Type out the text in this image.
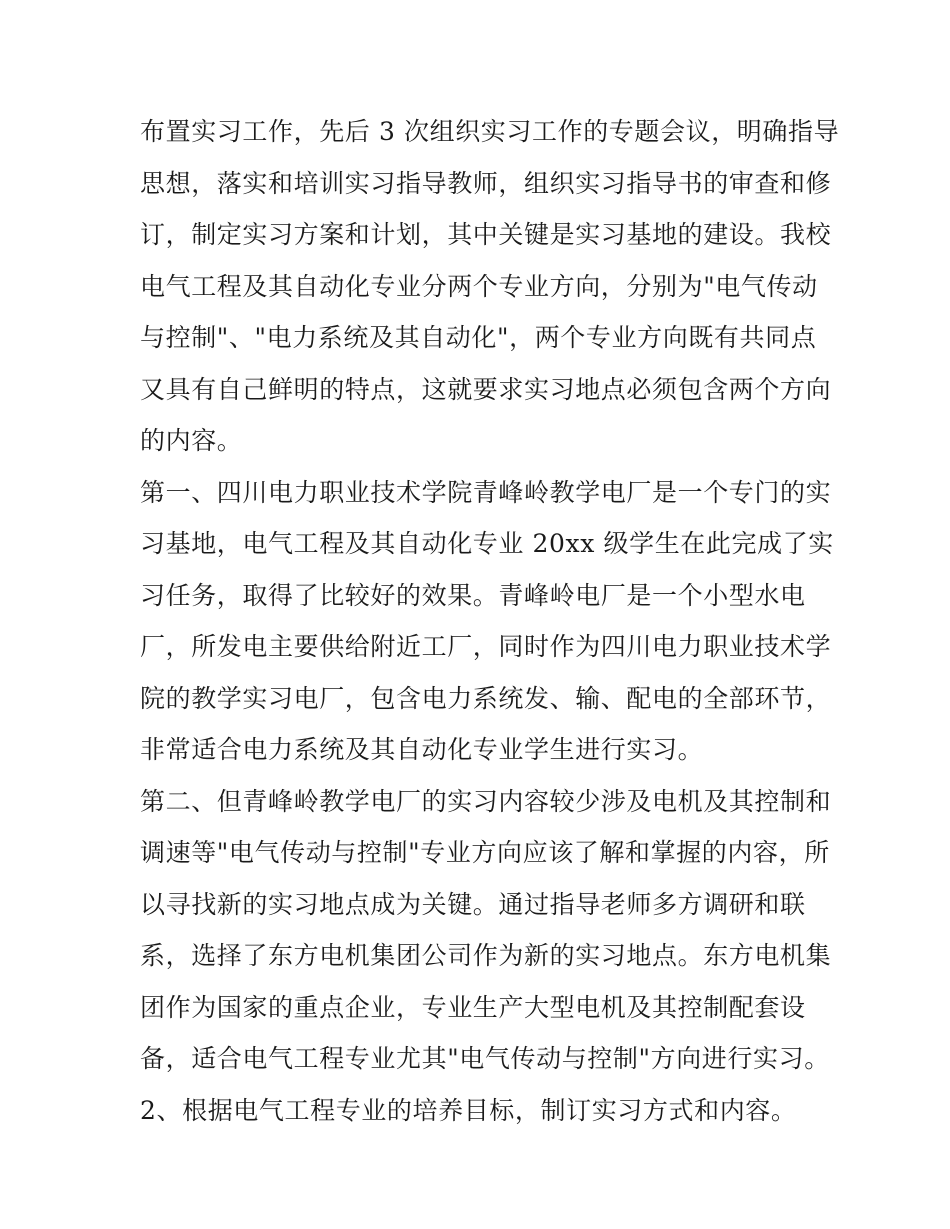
布置实习工作，先后 3 次组织实习工作的专题会议，明确指导
思想，落实和培训实习指导教师，组织实习指导书的审查和修
订，制定实习方案和计划，其中关键是实习基地的建设。我校
电气工程及其自动化专业分两个专业方向，分别为"电气传动
与控制"、"电力系统及其自动化"，两个专业方向既有共同点
又具有自己鲜明的特点，这就要求实习地点必须包含两个方向
的内容。
第一、四川电力职业技术学院青峰岭教学电厂是一个专门的实
习基地，电气工程及其自动化专业 20xx 级学生在此完成了实
习任务，取得了比较好的效果。青峰岭电厂是一个小型水电
厂，所发电主要供给附近工厂，同时作为四川电力职业技术学
院的教学实习电厂，包含电力系统发、输、配电的全部环节，
非常适合电力系统及其自动化专业学生进行实习。
第二、但青峰岭教学电厂的实习内容较少涉及电机及其控制和
调速等"电气传动与控制"专业方向应该了解和掌握的内容，所
以寻找新的实习地点成为关键。通过指导老师多方调研和联
系，选择了东方电机集团公司作为新的实习地点。东方电机集
团作为国家的重点企业，专业生产大型电机及其控制配套设
备，适合电气工程专业尤其"电气传动与控制"方向进行实习。
2、根据电气工程专业的培养目标，制订实习方式和内容。
